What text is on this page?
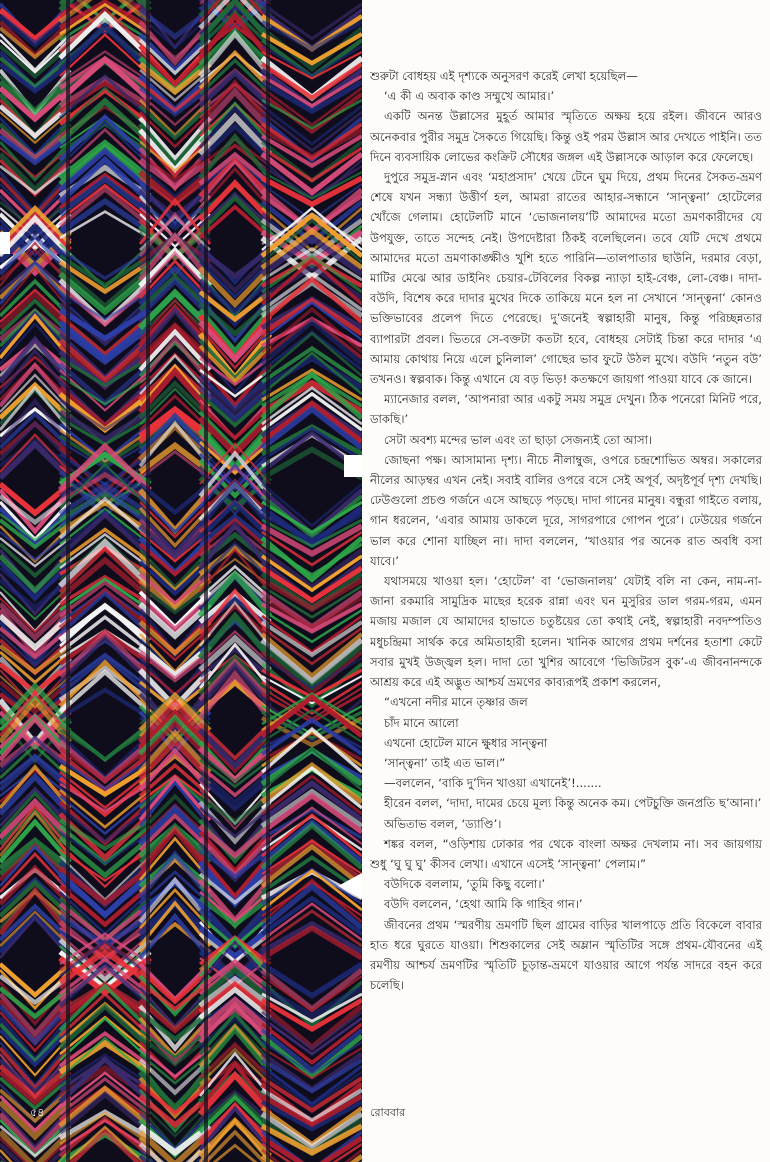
শুরুটা বোধহয় এই দৃশ্যকে অনুসরণ করেই লেখা হয়েছিল—

‘এ কী এ অবাক কাণ্ড সম্মুখে আমার।’

একটি অনন্ত উল্লাসের মুহূর্ত আমার স্মৃতিতে অক্ষয় হয়ে রইল। জীবনে আরও অনেকবার পুরীর সমুদ্র সৈকতে গিয়েছি। কিন্তু ওই পরম উল্লাস আর দেখতে পাইনি। তত দিনে ব্যবসায়িক লোভের কংক্রিট সৌধের জঙ্গল এই উল্লাসকে আড়াল করে ফেলেছে।

দুপুরে সমুদ্র-স্নান এবং ‘মহাপ্রসাদ’ খেয়ে টেনে ঘুম দিয়ে, প্রথম দিনের সৈকত-ভ্রমণ শেষে যখন সন্ধ্যা উত্তীর্ণ হল, আমরা রাতের আহার-সন্ধানে ‘সান্ত্বনা’ হোটেলের খোঁজে গেলাম। হোটেলটি মানে ‘ভোজনালয়’টি আমাদের মতো ভ্রমণকারীদের যে উপযুক্ত, তাতে সন্দেহ নেই। উপদেষ্টারা ঠিকই বলেছিলেন। তবে যেটি দেখে প্রথমে আমাদের মতো ভ্রমণাকাঙ্ক্ষীও খুশি হতে পারিনি—তালপাতার ছাউনি, দরমার বেড়া, মাটির মেঝে আর ডাইনিং চেয়ার-টেবিলের বিকল্প ন্যাড়া হাই-বেঞ্চ, লো-বেঞ্চ। দাদা-বউদি, বিশেষ করে দাদার মুখের দিকে তাকিয়ে মনে হল না সেখানে ‘সান্ত্বনা’ কোনও ভক্তিভাবের প্রলেপ দিতে পেরেছে। দু’জনেই স্বল্পাহারী মানুষ, কিন্তু পরিচ্ছন্নতার ব্যাপারটা প্রবল। ভিতরে সে-বক্তটা কতটা হবে, বোধহয় সেটাই চিন্তা করে দাদার ‘এ আমায় কোথায় নিয়ে এলে চুনিলাল’ গোছের ভাব ফুটে উঠল মুখে। বউদি ‘নতুন বউ’ তখনও। স্বল্পবাক। কিন্তু এখানে যে বড় ভিড়! কতক্ষণে জায়গা পাওয়া যাবে কে জানে।

ম্যানেজার বলল, ‘আপনারা আর একটু সময় সমুদ্র দেখুন। ঠিক পনেরো মিনিট পরে, ডাকছি।’

সেটা অবশ্য মন্দের ভাল এবং তা ছাড়া সেজন্যই তো আসা।

জোছনা পক্ষ। আসামান্য দৃশ্য। নীচে নীলাম্বুজ, ওপরে চন্দ্রশোভিত অম্বর। সকালের নীলের আড়ম্বর এখন নেই। সবাই বালির ওপরে বসে সেই অপূর্ব, অদৃষ্টপূর্ব দৃশ্য দেখছি। ঢেউগুলো প্রচণ্ড গর্জনে এসে আছড়ে পড়ছে। দাদা গানের মানুষ। বন্ধুরা গাইতে বলায়, গান ধরলেন, ‘এবার আমায় ডাকলে দূরে, সাগরপারে গোপন পুরে’। ঢেউয়ের গর্জনে ভাল করে শোনা যাচ্ছিল না। দাদা বললেন, ‘খাওয়ার পর অনেক রাত অবধি বসা যাবে।’

যথাসময়ে খাওয়া হল। ‘হোটেল’ বা ‘ভোজনালয়’ যেটাই বলি না কেন, নাম-না-জানা রকমারি সামুদ্রিক মাছের হরেক রান্না এবং ঘন মুসুরির ডাল গরম-গরম, এমন মজায় মজাল যে আমাদের হাভাতে চতুষ্টয়ের তো কথাই নেই, স্বল্পাহারী নবদম্পতিও মধুচন্দ্রিমা সার্থক করে অমিতাহারী হলেন। খানিক আগের প্রথম দর্শনের হতাশা কেটে সবার মুখই উজ্জ্বল হল। দাদা তো খুশির আবেগে ‘ভিজিটরস বুক’-এ জীবনানন্দকে আশ্রয় করে এই অদ্ভুত আশ্চর্য ভ্রমণের কাব্যরূপই প্রকাশ করলেন,

“এখনো নদীর মানে তৃষ্ণার জল

চাঁদ মানে আলো

এখনো হোটেল মানে ক্ষুধার সান্ত্বনা

‘সান্ত্বনা’ তাই এত ভাল।”

—বললেন, ‘বাকি দু’দিন খাওয়া এখানেই’!.......

হীরেন বলল, ‘দাদা, দামের চেয়ে মূল্য কিন্তু অনেক কম। পেটচুক্তি জনপ্রতি ছ’আনা।’

অভিতাভ বলল, ‘ড্যাণ্ডি’।

শঙ্কর বলল, “ওড়িশায় ঢোকার পর থেকে বাংলা অক্ষর দেখলাম না। সব জায়গায় শুধু ‘ঘু ঘু ঘু’ কীসব লেখা। এখানে এসেই ‘সান্ত্বনা’ পেলাম।”

বউদিকে বললাম, ‘তুমি কিছু বলো।’

বউদি বললেন, ‘হেথা আমি কি গাহিব গান।’

জীবনের প্রথম ‘স্মরণীয় ভ্রমণটি ছিল গ্রামের বাড়ির খালপাড়ে প্রতি বিকেলে বাবার হাত ধরে ঘুরতে যাওয়া। শিশুকালের সেই অম্লান স্মৃতিটির সঙ্গে প্রথম-যৌবনের এই রমণীয় আশ্চর্য ভ্রমণটির স্মৃতিটি চূড়ান্ত-ভ্রমণে যাওয়ার আগে পর্যন্ত সাদরে বহন করে চলেছি।

৫৪	রোববার
